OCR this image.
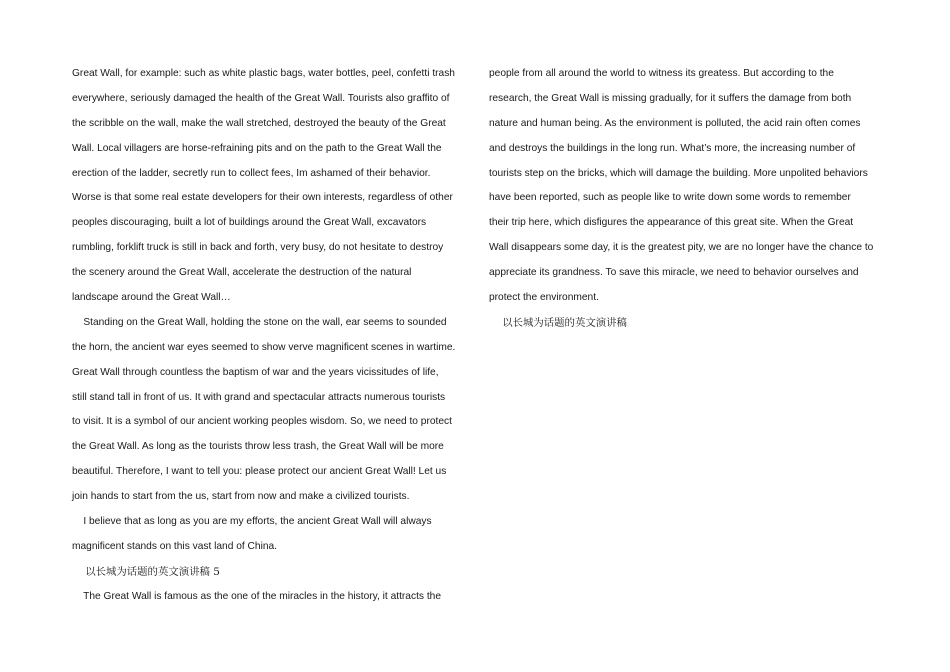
Great Wall, for example: such as white plastic bags, water bottles, peel, confetti trash
everywhere, seriously damaged the health of the Great Wall. Tourists also graffito of
the scribble on the wall, make the wall stretched, destroyed the beauty of the Great
Wall. Local villagers are horse-refraining pits and on the path to the Great Wall the
erection of the ladder, secretly run to collect fees, Im ashamed of their behavior.
Worse is that some real estate developers for their own interests, regardless of other
peoples discouraging, built a lot of buildings around the Great Wall, excavators
rumbling, forklift truck is still in back and forth, very busy, do not hesitate to destroy
the scenery around the Great Wall, accelerate the destruction of the natural
landscape around the Great Wall…
Standing on the Great Wall, holding the stone on the wall, ear seems to sounded
the horn, the ancient war eyes seemed to show verve magnificent scenes in wartime.
Great Wall through countless the baptism of war and the years vicissitudes of life,
still stand tall in front of us. It with grand and spectacular attracts numerous tourists
to visit. It is a symbol of our ancient working peoples wisdom. So, we need to protect
the Great Wall. As long as the tourists throw less trash, the Great Wall will be more
beautiful. Therefore, I want to tell you: please protect our ancient Great Wall! Let us
join hands to start from the us, start from now and make a civilized tourists.
I believe that as long as you are my efforts, the ancient Great Wall will always
magnificent stands on this vast land of China.
以长城为话题的英文演讲稿 5
The Great Wall is famous as the one of the miracles in the history, it attracts the
people from all around the world to witness its greatess. But according to the
research, the Great Wall is missing gradually, for it suffers the damage from both
nature and human being. As the environment is polluted, the acid rain often comes
and destroys the buildings in the long run. What’s more, the increasing number of
tourists step on the bricks, which will damage the building. More unpolited behaviors
have been reported, such as people like to write down some words to remember
their trip here, which disfigures the appearance of this great site. When the Great
Wall disappears some day, it is the greatest pity, we are no longer have the chance to
appreciate its grandness. To save this miracle, we need to behavior ourselves and
protect the environment.
以长城为话题的英文演讲稿
